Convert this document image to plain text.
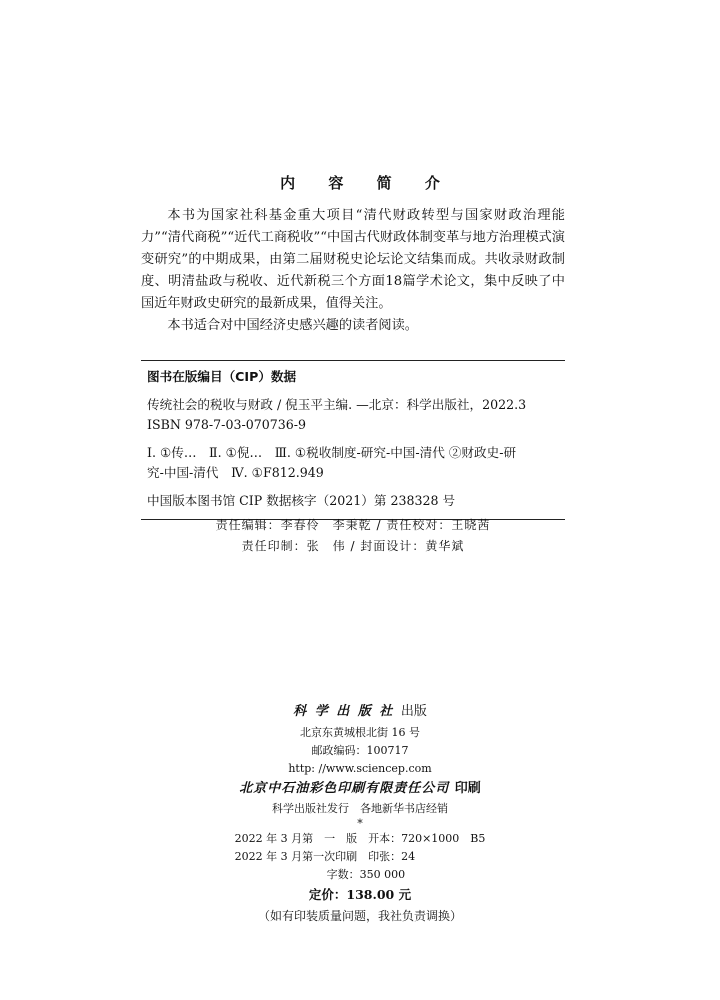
内 容 简 介

本书为国家社科基金重大项目“清代财政转型与国家财政治理能力”“清代商税”“近代工商税收”“中国古代财政体制变革与地方治理模式演变研究”的中期成果，由第二届财税史论坛论文结集而成。共收录财政制度、明清盐政与税收、近代新税三个方面18篇学术论文，集中反映了中国近年财政史研究的最新成果，值得关注。

本书适合对中国经济史感兴趣的读者阅读。

图书在版编目（CIP）数据
传统社会的税收与财政 / 倪玉平主编. —北京：科学出版社，2022.3
ISBN 978-7-03-070736-9
Ⅰ. ①传…　Ⅱ. ①倪…　Ⅲ. ①税收制度-研究-中国-清代 ②财政史-研
究-中国-清代　Ⅳ. ①F812.949
中国版本图书馆 CIP 数据核字（2021）第 238328 号
责任编辑：李春伶　李秉乾 / 责任校对：王晓茜
责任印制：张　伟 / 封面设计：黄华斌
科 学 出 版 社 出版
北京东黄城根北街 16 号
邮政编码：100717
http: //www.sciencep.com
北京中石油彩色印刷有限责任公司 印刷
科学出版社发行　各地新华书店经销
*
2022 年 3 月第　一　版　开本：720×1000　B5
2022 年 3 月第一次印刷　印张：24
字数：350 000
定价：138.00 元
（如有印装质量问题，我社负责调换）
